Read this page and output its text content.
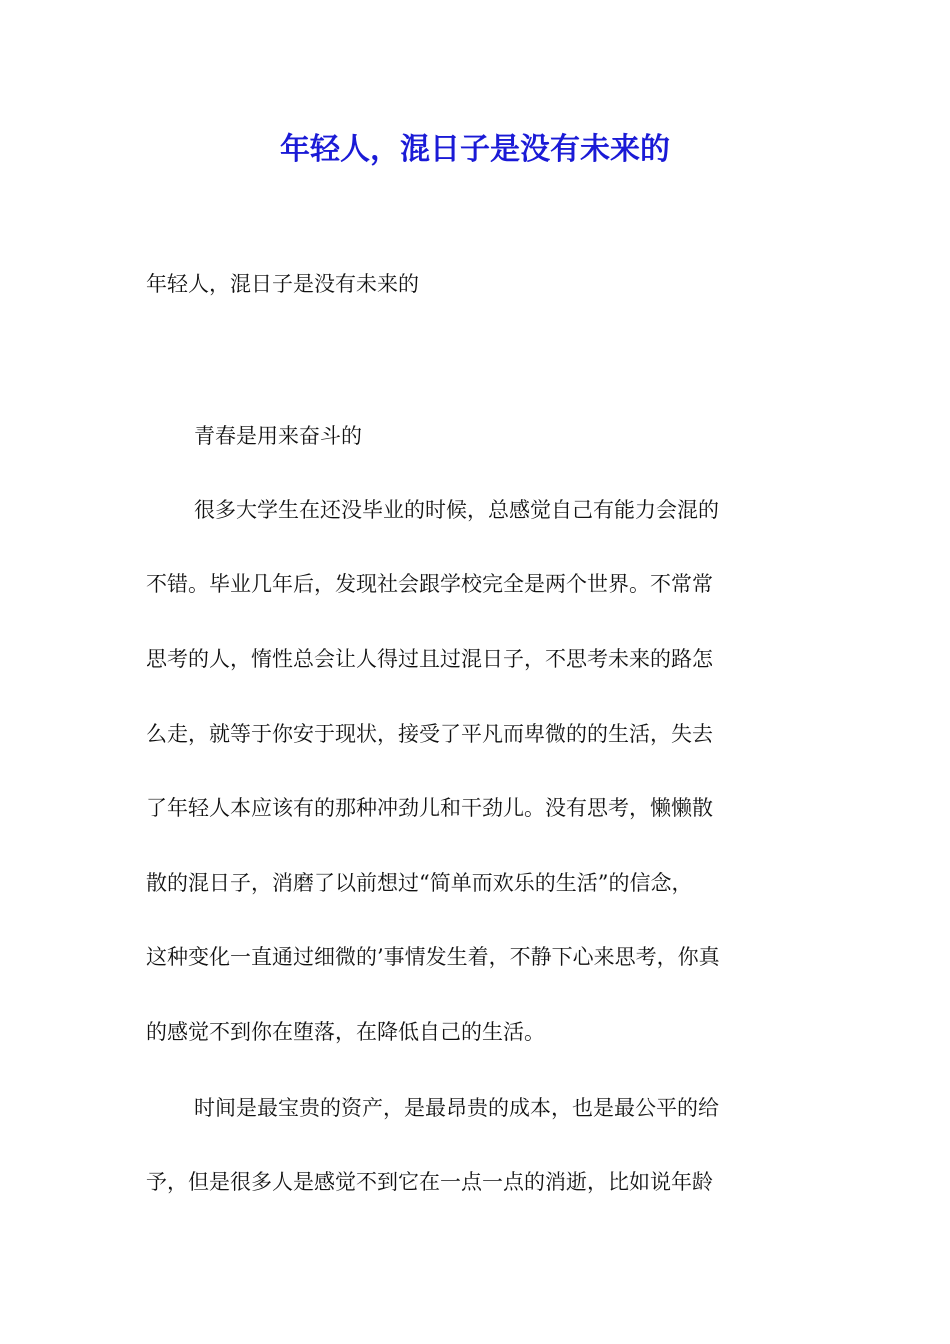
年轻人，混日子是没有未来的

年轻人，混日子是没有未来的

青春是用来奋斗的
很多大学生在还没毕业的时候，总感觉自己有能力会混的
不错。毕业几年后，发现社会跟学校完全是两个世界。不常常
思考的人，惰性总会让人得过且过混日子，不思考未来的路怎
么走，就等于你安于现状，接受了平凡而卑微的的生活，失去
了年轻人本应该有的那种冲劲儿和干劲儿。没有思考，懒懒散
散的混日子，消磨了以前想过“简单而欢乐的生活”的信念，
这种变化一直通过细微的’事情发生着，不静下心来思考，你真
的感觉不到你在堕落，在降低自己的生活。
时间是最宝贵的资产，是最昂贵的成本，也是最公平的给
予，但是很多人是感觉不到它在一点一点的消逝，比如说年龄
